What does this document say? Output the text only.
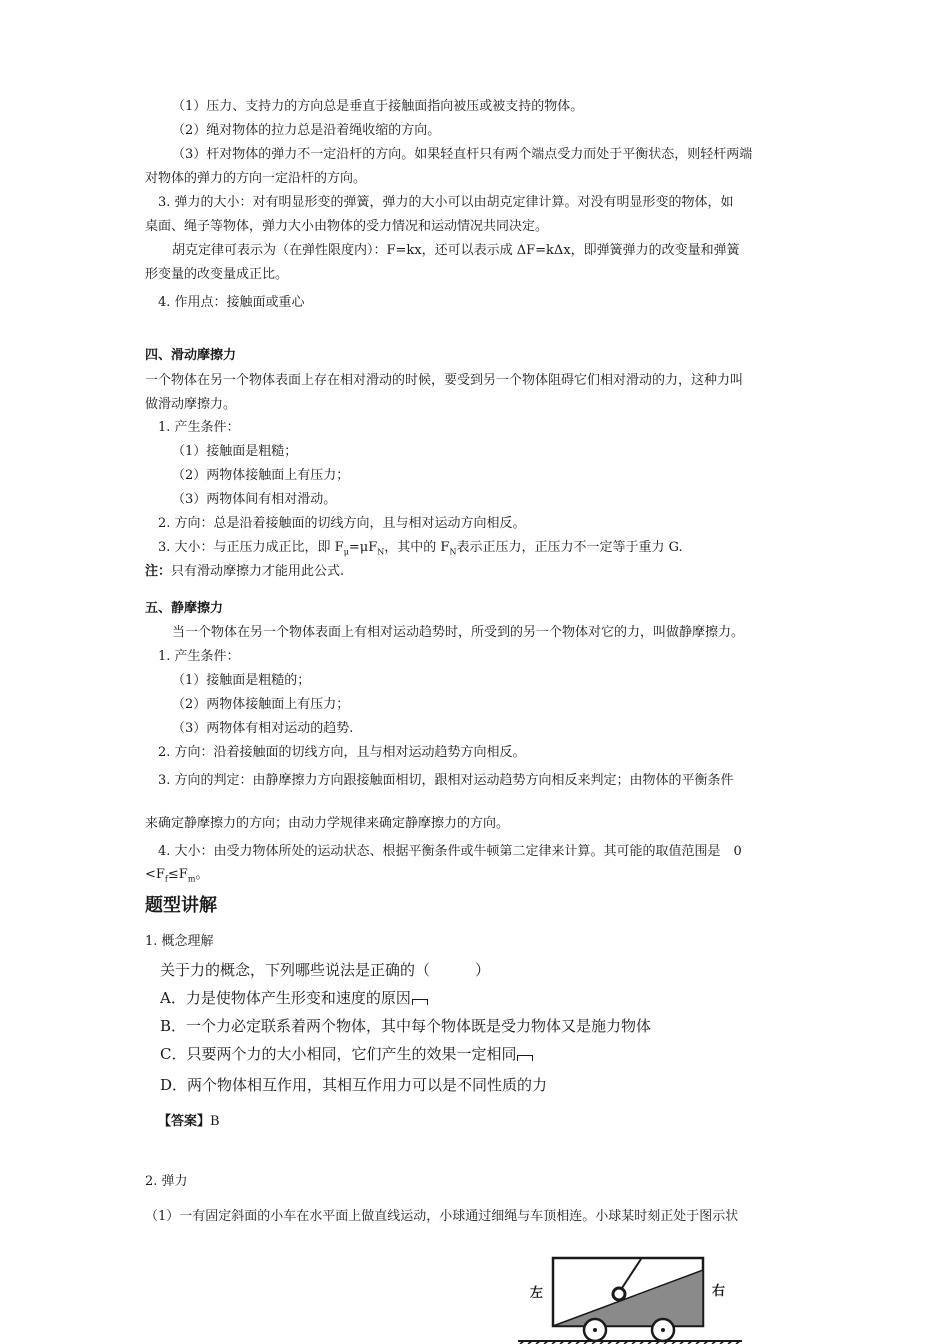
（1）压力、支持力的方向总是垂直于接触面指向被压或被支持的物体。
（2）绳对物体的拉力总是沿着绳收缩的方向。
（3）杆对物体的弹力不一定沿杆的方向。如果轻直杆只有两个端点受力而处于平衡状态，则轻杆两端
对物体的弹力的方向一定沿杆的方向。
3. 弹力的大小：对有明显形变的弹簧，弹力的大小可以由胡克定律计算。对没有明显形变的物体，如
桌面、绳子等物体，弹力大小由物体的受力情况和运动情况共同决定。
胡克定律可表示为（在弹性限度内）：F=kx，还可以表示成 ΔF=kΔx，即弹簧弹力的改变量和弹簧
形变量的改变量成正比。
4. 作用点：接触面或重心
四、滑动摩擦力
一个物体在另一个物体表面上存在相对滑动的时候，要受到另一个物体阻碍它们相对滑动的力，这种力叫
做滑动摩擦力。
1. 产生条件：
（1）接触面是粗糙；
（2）两物体接触面上有压力；
（3）两物体间有相对滑动。
2. 方向：总是沿着接触面的切线方向，且与相对运动方向相反。
3. 大小：与正压力成正比，即 $F_\mu=\mu F_N$，其中的 $F_N$表示正压力，正压力不一定等于重力 G.
注：只有滑动摩擦力才能用此公式.
五、静摩擦力
当一个物体在另一个物体表面上有相对运动趋势时，所受到的另一个物体对它的力，叫做静摩擦力。
1. 产生条件：
（1）接触面是粗糙的；
（2）两物体接触面上有压力；
（3）两物体有相对运动的趋势.
2. 方向：沿着接触面的切线方向，且与相对运动趋势方向相反。
3. 方向的判定：由静摩擦力方向跟接触面相切，跟相对运动趋势方向相反来判定；由物体的平衡条件
来确定静摩擦力的方向；由动力学规律来确定静摩擦力的方向。
4. 大小：由受力物体所处的运动状态、根据平衡条件或牛顿第二定律来计算。其可能的取值范围是　0
$<F_f\le F_m$。
题型讲解
1. 概念理解
关于力的概念，下列哪些说法是正确的（　　　）
A．力是使物体产生形变和速度的原因
B．一个力必定联系着两个物体，其中每个物体既是受力物体又是施力物体
C．只要两个力的大小相同，它们产生的效果一定相同
D．两个物体相互作用，其相互作用力可以是不同性质的力
【答案】B
2. 弹力
（1）一有固定斜面的小车在水平面上做直线运动，小球通过细绳与车顶相连。小球某时刻正处于图示状
左	右
